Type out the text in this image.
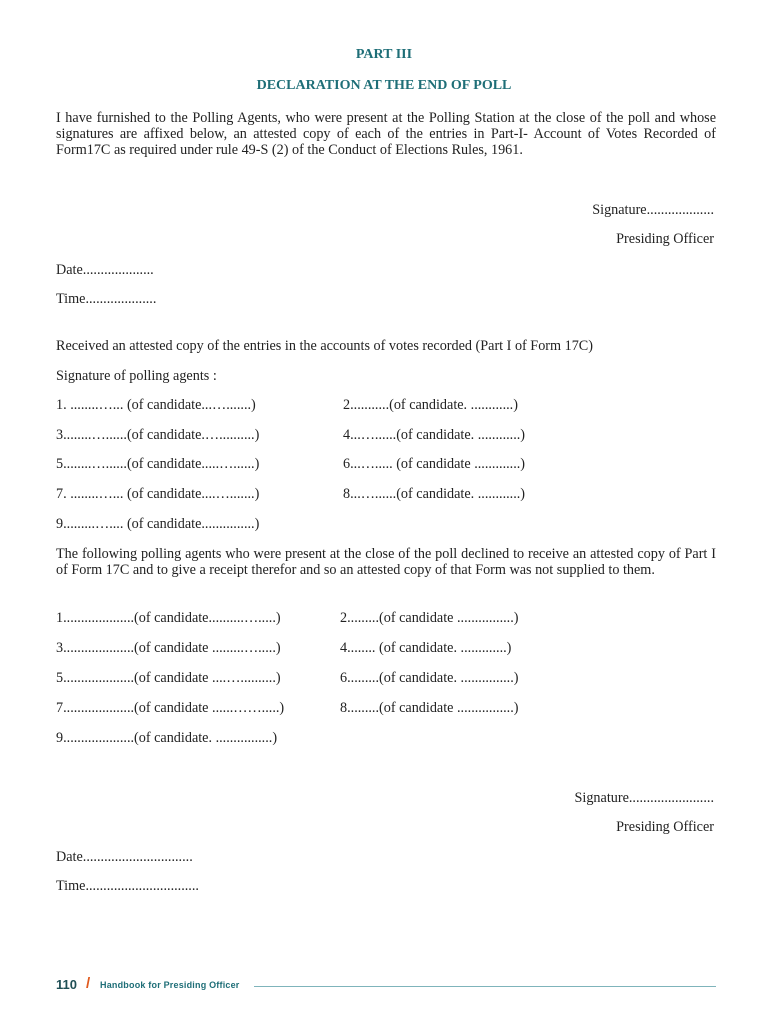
PART III
DECLARATION AT THE END OF POLL
I have furnished to the Polling Agents, who were present at the Polling Station at the close of the poll and whose signatures are affixed below, an attested copy of each of the entries in Part-I- Account of Votes Recorded of Form17C as required under rule 49-S (2) of the Conduct of Elections Rules, 1961.
Signature...................
Presiding Officer
Date....................
Time....................
Received an attested copy of the entries in the accounts of votes recorded (Part I of Form 17C)
Signature of polling agents :
1. ........…... (of candidate...….......)	2...........(of candidate. ............)
3........…......(of candidate.…..........)	4...…......(of candidate. ............)
5........…......(of candidate.....…......)	6...…..... (of candidate .............)
7. ........…... (of candidate....….......)	8...…......(of candidate. ............)
9.........….... (of candidate...............)
The following polling agents who were present at the close of the poll declined to receive an attested copy of Part I of Form 17C and to give a receipt therefor and so an attested copy of that Form was not supplied to them.
1....................(of candidate..........….....)	2.........(of candidate ................)
3....................(of candidate .........….....)	4........ (of candidate. .............)
5....................(of candidate ....…..........)	6.........(of candidate. ...............)
7....................(of candidate ......…….....)	8.........(of candidate ................)
9....................(of candidate. ................)
Signature........................
Presiding Officer
Date...............................
Time................................
110 / Handbook for Presiding Officer
